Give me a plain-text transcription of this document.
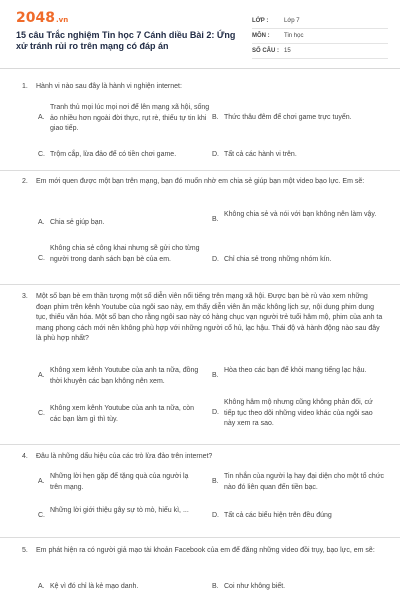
2048.vn
15 câu Trắc nghiệm Tin học 7 Cánh diều Bài 2: Ứng xử tránh rủi ro trên mạng có đáp án
LỚP :	Lớp 7
MÔN :	Tin học
SỐ CÂU : 15
1. Hành vi nào sau đây là hành vi nghiện internet:
A.
Tranh thủ mọi lúc mọi nơi để lên mạng xã hội, sống ảo nhiều hơn ngoài đời thực, rụt rè, thiếu tự tin khi giao tiếp.
B. Thức thâu đêm để chơi game trực tuyến.
C. Trộm cắp, lừa đảo để có tiền chơi game.	D. Tất cả các hành vi trên.
2. Em mới quen được một bạn trên mạng, bạn đó muốn nhờ em chia sẻ giúp bạn một video bạo lực. Em sẽ:
A. Chia sẻ giúp bạn.	B.
Không chia sẻ và nói với bạn không nên làm vậy.
C.
Không chia sẻ công khai nhưng sẽ gửi cho từng người trong danh sách bạn bè của em.	D. Chỉ chia sẻ trong những nhóm kín.
3. Một số bạn bè em thần tượng một số diễn viên nổi tiếng trên mạng xã hội. Được bạn bè rủ vào xem những đoạn phim trên kênh Youtube của ngôi sao này, em thấy diễn viên ăn mặc không lịch sự, nội dung phim dung tục, thiếu văn hóa. Một số bạn cho rằng ngôi sao này có hàng chục vạn người trẻ tuổi hâm mộ, phim của anh ta mang phong cách mới nên không phù hợp với những người cổ hủ, lạc hậu. Thái độ và hành động nào sau đây là phù hợp nhất?
A.
Không xem kênh Youtube của anh ta nữa, đồng thời khuyên các bạn không nên xem.
B.
Hòa theo các bạn để khỏi mang tiếng lạc hậu.
C.
Không xem kênh Youtube của anh ta nữa, còn các bạn làm gì thì tùy.
D.
Không hâm mộ nhưng cũng không phản đối, cứ tiếp tục theo dõi những video khác của ngôi sao này xem ra sao.
4. Đâu là những dấu hiệu của các trò lừa đảo trên internet?
A.
Những lời hẹn gặp để tặng quà của người lạ trên mạng.
B.
Tin nhắn của người lạ hay đại diện cho một tổ chức nào đó liên quan đến tiền bạc.
C.
Những lời giới thiệu gây sự tò mò, hiếu kì, ...
D. Tất cả các biểu hiện trên đều đúng
5. Em phát hiện ra có người giả mạo tài khoản Facebook của em để đăng những video đồi trụy, bạo lực, em sẽ:
A. Kệ vì đó chỉ là kẻ mạo danh.	B. Coi như không biết.
